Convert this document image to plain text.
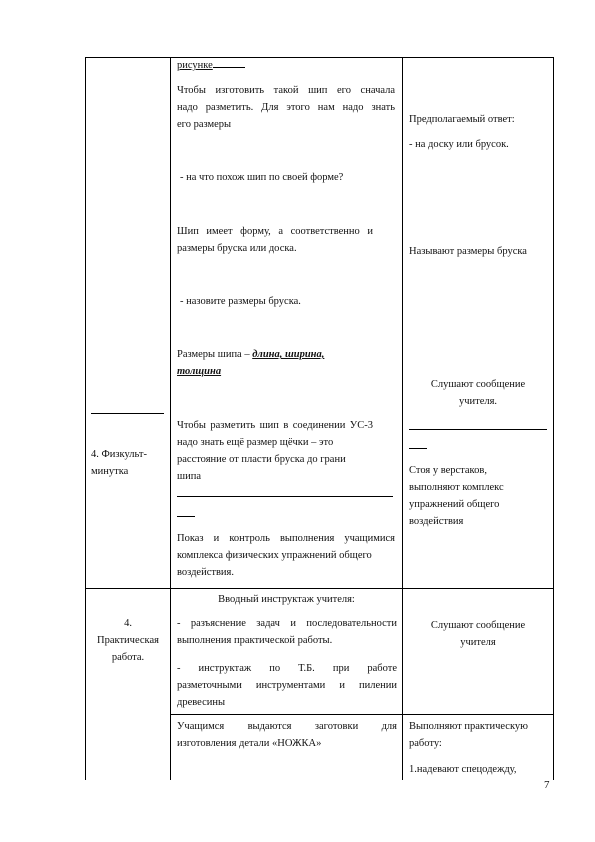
4. Физкульт-
минутка
рисунке
Чтобы изготовить такой шип его сначала
надо разметить. Для этого нам надо знать
его размеры
- на что похож шип по своей форме?
Шип имеет форму, а соответственно и
размеры бруска или доска.
- назовите размеры бруска.
Размеры шипа – длина, ширина,
толщина
Чтобы разметить шип в соединении УС-3
надо знать ещё размер щёчки – это
расстояние от пласти бруска до грани
шипа
Показ и контроль выполнения учащимися
комплекса физических упражнений общего
воздействия.
Предполагаемый ответ:
- на доску или брусок.
Называют размеры бруска
Слушают сообщение
учителя.
Стоя у верстаков,
выполняют комплекс
упражнений общего
воздействия
4.
Практическая
работа.
Вводный инструктаж учителя:
- разъяснение задач и последовательности
выполнения практической работы.
- инструктаж по Т.Б. при работе
разметочными инструментами и пилении
древесины
Слушают сообщение
учителя
Учащимся выдаются заготовки для
изготовления детали «НОЖКА»
Выполняют практическую
работу:
1.надевают спецодежду,
7
